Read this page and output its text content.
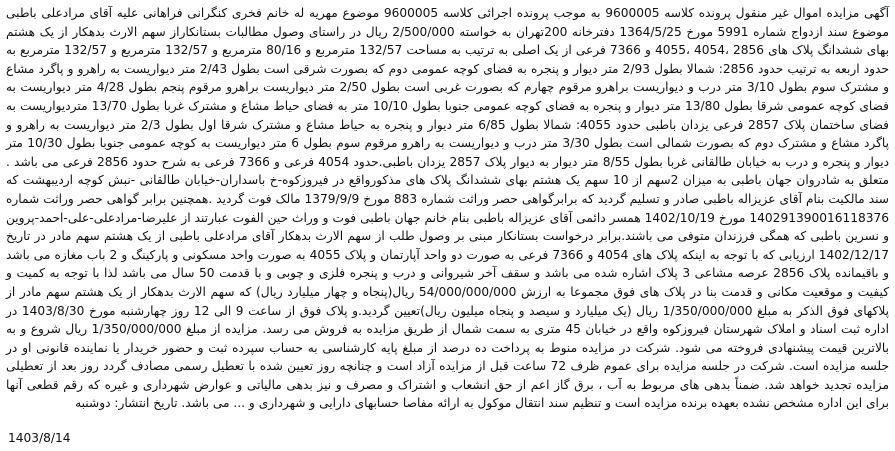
آگهی مزایده اموال غیر منقول پرونده کلاسه 9600005 به موجب پرونده اجرائی کلاسه 9600005 موضوع مهریه له خانم فخری کنگرانی فراهانی علیه آقای مرادعلی باطبی موضوع سند ازدواج شماره 5991 مورخ 1364/5/25 دفترخانه 200تهران به خواسته 2/500/000 ریال در راستای وصول مطالبات بستانکاراز سهم الارث بدهکار از یک هشتم بهای ششدانگ پلاک های 2856 ،4054 ،4055 و 7366 فرعی از یک اصلی به ترتیب به مساحت 132/57 مترمربع و 80/16 مترمربع و 132/57 مترمربع و 132/57 مترمربع به حدود اربعه به ترتیب حدود 2856: شمالا بطول 2/93 متر دیوار و پنجره به فضای کوچه عمومی دوم که بصورت شرقی است بطول 2/43 متر دیواریست به راهرو و پاگرد مشاع و مشترک سوم بطول 3/10 متر درب و دیواریست براهرو مرقوم چهارم که بصورت غربی است بطول 2/50 متر دیواریست براهرو مرقوم پنجم بطول 4/28 متر دیواریست به فضای کوچه عمومی شرقا بطول 13/80 متر دیوار و پنجره به فضای کوچه عمومی جنوبا بطول 10/10 متر به فضای حیاط مشاع و مشترک غربا بطول 13/70 متردیواریست به فضای ساختمان پلاک 2857 فرعی یزدان باطبی حدود 4055: شمالا بطول 6/85 متر دیوار و پنجره به حیاط مشاع و مشترک شرقا اول بطول 2/3 متر دیواریست به راهرو و پاگرد مشاع و مشترک دوم که بصورت شمالی است بطول 3/30 متر درب و دیواریست به راهرو مرقوم سوم بطول 6 متر دیواریست به کوچه عمومی جنوبا بطول 10/30 متر دیوار و پنجره و درب به خیابان طالقانی غربا بطول 8/55 متر دیوار به دیوار پلاک 2857 یزدان باطبی.حدود 4054 فرعی و 7366 فرعی به شرح حدود 2856 فرعی می باشد . متعلق به شادروان جهان باطبی به میزان 2سهم از 10 سهم یک هشتم بهای ششدانگ پلاک های مذکورواقع در فیروزکوه-خ باسداران-خیابان طالقانی -نبش کوچه اردیبهشت که سند مالکیت بنام آقای عزیزاله باطبی صادر و تسلیم گردید که برابرگواهی حصر وراثت شماره 883 مورخ 1379/9/9 مالک فوت گردید .همچنین برابر گواهی حصر وراثت شماره 140291390016118376 مورخ 1402/10/19 همسر دائمی آقای عزیزاله باطبی بنام خانم جهان باطبی فوت و وراث حین الفوت عبارتند از علیرضا-مرادعلی-علی-احمد-پروین و نسرین باطبی که همگی فرزندان متوفی می باشند.برابر درخواست بستانکار مبنی بر وصول طلب از سهم الارث بدهکار آقای مرادعلی باطبی از یک هشتم سهم مادر در تاریخ 1402/12/17 ارزیابی که با توجه به اینکه پلاک های 4054 و 7366 فرعی به صورت دو واحد آپارتمان و پلاک 4055 به صورت واحد مسکونی و پارکینگ و 2 باب مغازه می باشد و باقیمانده پلاک 2856 عرصه مشاعی 3 پلاک اشاره شده می باشد و سقف آخر شیروانی و درب و پنجره فلزی و چوبی و با قدمت 50 سال می باشد لذا با توجه به کمیت و کیفیت و موقعیت مکانی و قدمت بنا در پلاک های فوق مجموعا به ارزش 54/000/000/000 ریال(پنجاه و چهار میلیارد ریال) که سهم الارث بدهکار از یک هشتم سهم مادر از پلاکهای فوق الذکر به مبلغ 1/350/000/000 ریال (یک میلیارد و سیصد و پنجاه میلیون ریال)تعیین گردید.و پلاک فوق از ساعت 9 الی 12 روز چهارشنبه مورخ 1403/8/30 در اداره ثبت اسناد و املاک شهرستان فیروزکوه واقع در خیابان 45 متری به سمت شمال از طریق مزایده به فروش می رسد. مزایده از مبلغ 1/350/000/000 ریال شروع و به بالاترین قیمت پیشنهادی فروخته می شود. شرکت در مزایده منوط به پرداخت ده درصد از مبلغ پایه کارشناسی به حساب سپرده ثبت و حضور خریدار یا نماینده قانونی او در جلسه مزایده است. شرکت در جلسه مزایده برای عموم ظرف 72 ساعت قبل از مزایده آزاد است و چنانچه روز تعیین شده با تعطیل رسمی مصادف گردد روز بعد از تعطیلی مزایده تجدید خواهد شد. ضمناً بدهی های مربوط به آب ، برق گاز اعم از حق انشعاب و اشتراک و مصرف و نیز بدهی مالیاتی و عوارض شهرداری و غیره که رقم قطعی آنها برای این اداره مشخص نشده بعهده برنده مزایده است و تنظیم سند انتقال موکول به ارائه مفاصا حسابهای دارایی و شهرداری و ... می باشد. تاریخ انتشار: دوشنبه

1403/8/14
